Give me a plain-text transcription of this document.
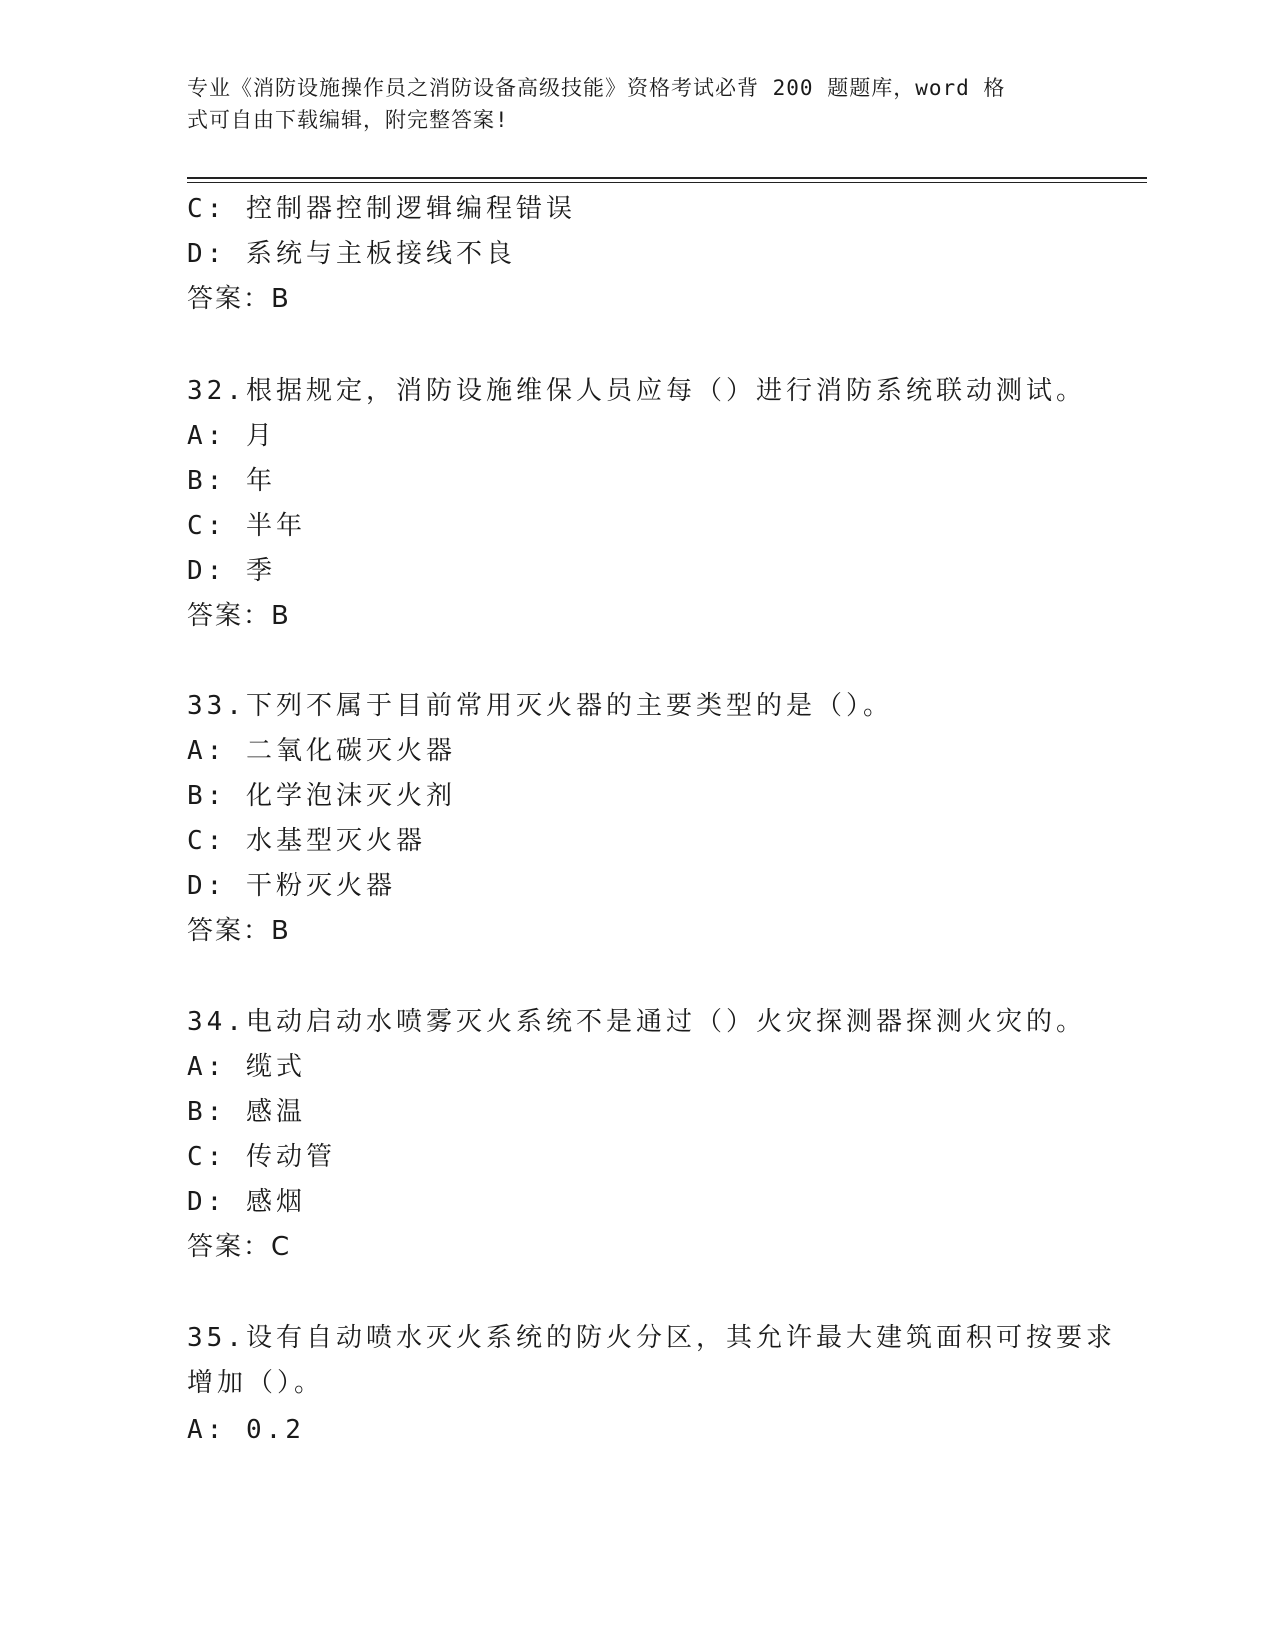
专业《消防设施操作员之消防设备高级技能》资格考试必背 200 题题库，word 格
式可自由下载编辑，附完整答案!
C: 控制器控制逻辑编程错误
D: 系统与主板接线不良
答案：B
32.根据规定，消防设施维保人员应每（）进行消防系统联动测试。
A: 月
B: 年
C: 半年
D: 季
答案：B
33.下列不属于目前常用灭火器的主要类型的是（）。
A: 二氧化碳灭火器
B: 化学泡沫灭火剂
C: 水基型灭火器
D: 干粉灭火器
答案：B
34.电动启动水喷雾灭火系统不是通过（）火灾探测器探测火灾的。
A: 缆式
B: 感温
C: 传动管
D: 感烟
答案：C
35.设有自动喷水灭火系统的防火分区，其允许最大建筑面积可按要求
增加（）。
A: 0.2
